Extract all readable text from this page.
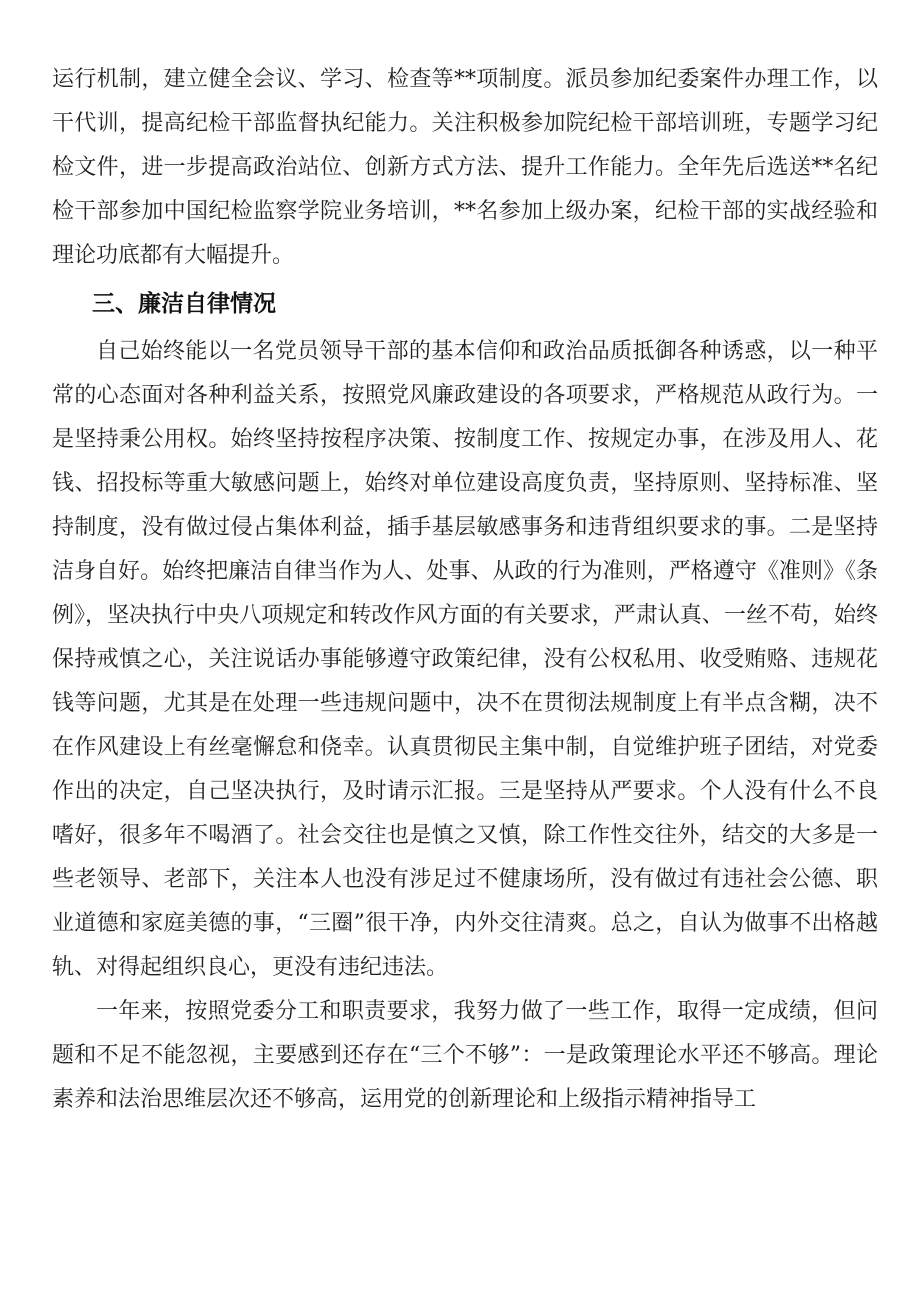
运行机制，建立健全会议、学习、检查等**项制度。派员参加纪委案件办理工作，以干代训，提高纪检干部监督执纪能力。关注积极参加院纪检干部培训班，专题学习纪检文件，进一步提高政治站位、创新方式方法、提升工作能力。全年先后选送**名纪检干部参加中国纪检监察学院业务培训，**名参加上级办案，纪检干部的实战经验和理论功底都有大幅提升。

三、廉洁自律情况

自己始终能以一名党员领导干部的基本信仰和政治品质抵御各种诱惑，以一种平常的心态面对各种利益关系，按照党风廉政建设的各项要求，严格规范从政行为。一是坚持秉公用权。始终坚持按程序决策、按制度工作、按规定办事，在涉及用人、花钱、招投标等重大敏感问题上，始终对单位建设高度负责，坚持原则、坚持标准、坚持制度，没有做过侵占集体利益，插手基层敏感事务和违背组织要求的事。二是坚持洁身自好。始终把廉洁自律当作为人、处事、从政的行为准则，严格遵守《准则》《条例》，坚决执行中央八项规定和转改作风方面的有关要求，严肃认真、一丝不苟，始终保持戒慎之心，关注说话办事能够遵守政策纪律，没有公权私用、收受贿赂、违规花钱等问题，尤其是在处理一些违规问题中，决不在贯彻法规制度上有半点含糊，决不在作风建设上有丝毫懈怠和侥幸。认真贯彻民主集中制，自觉维护班子团结，对党委作出的决定，自己坚决执行，及时请示汇报。三是坚持从严要求。个人没有什么不良嗜好，很多年不喝酒了。社会交往也是慎之又慎，除工作性交往外，结交的大多是一些老领导、老部下，关注本人也没有涉足过不健康场所，没有做过有违社会公德、职业道德和家庭美德的事，“三圈”很干净，内外交往清爽。总之，自认为做事不出格越轨、对得起组织良心，更没有违纪违法。

一年来，按照党委分工和职责要求，我努力做了一些工作，取得一定成绩，但问题和不足不能忽视，主要感到还存在“三个不够”：一是政策理论水平还不够高。理论素养和法治思维层次还不够高，运用党的创新理论和上级指示精神指导工
